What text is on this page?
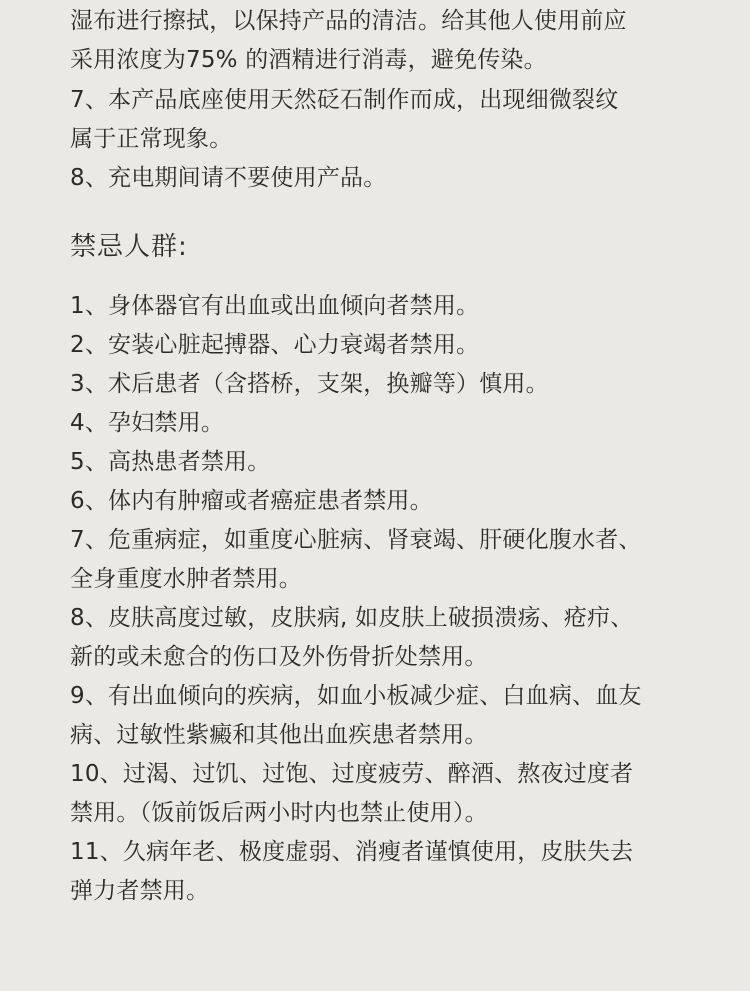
湿布进行擦拭，以保持产品的清洁。给其他人使用前应
采用浓度为75% 的酒精进行消毒，避免传染。
7、本产品底座使用天然砭石制作而成，出现细微裂纹
属于正常现象。
8、充电期间请不要使用产品。
禁忌人群:
1、身体器官有出血或出血倾向者禁用。
2、安装心脏起搏器、心力衰竭者禁用。
3、术后患者（含搭桥，支架，换瓣等）慎用。
4、孕妇禁用。
5、高热患者禁用。
6、体内有肿瘤或者癌症患者禁用。
7、危重病症，如重度心脏病、肾衰竭、肝硬化腹水者、
全身重度水肿者禁用。
8、皮肤高度过敏，皮肤病, 如皮肤上破损溃疡、疮疖、
新的或未愈合的伤口及外伤骨折处禁用。
9、有出血倾向的疾病，如血小板减少症、白血病、血友
病、过敏性紫癜和其他出血疾患者禁用。
10、过渴、过饥、过饱、过度疲劳、醉酒、熬夜过度者
禁用。（饭前饭后两小时内也禁止使用）。
11、久病年老、极度虚弱、消瘦者谨慎使用，皮肤失去
弹力者禁用。
